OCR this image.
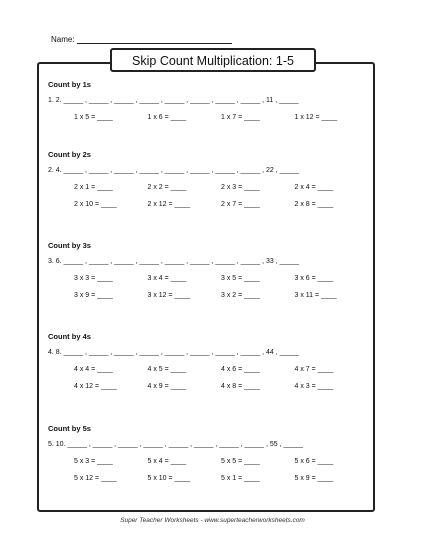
Name:
Skip Count Multiplication: 1-5
Count by 1s
1. 2. _____ , _____ , _____ , _____ , _____ , _____ , _____ , _____ , 11 , _____
1 x 5 = ____	1 x 6 = ____	1 x 7 = ____	1 x 12 = ____
Count by 2s
2. 4. _____ , _____ , _____ , _____ , _____ , _____ , _____ , _____ , 22 , _____
2 x 1 = ____	2 x 2 = ____	2 x 3 = ____	2 x 4 = ____
2 x 10 = ____	2 x 12 = ____	2 x 7 = ____	2 x 8 = ____
Count by 3s
3. 6. _____ , _____ , _____ , _____ , _____ , _____ , _____ , _____ , 33 , _____
3 x 3 = ____	3 x 4 = ____	3 x 5 = ____	3 x 6 = ____
3 x 9 = ____	3 x 12 = ____	3 x 2 = ____	3 x 11 = ____
Count by 4s
4. 8. _____ , _____ , _____ , _____ , _____ , _____ , _____ , _____ , 44 , _____
4 x 4 = ____	4 x 5 = ____	4 x 6 = ____	4 x 7 = ____
4 x 12 = ____	4 x 9 = ____	4 x 8 = ____	4 x 3 = ____
Count by 5s
5. 10. _____ , _____ , _____ , _____ , _____ , _____ , _____ , _____ , 55 , _____
5 x 3 = ____	5 x 4 = ____	5 x 5 = ____	5 x 6 = ____
5 x 12 = ____	5 x 10 = ____	5 x 1 = ____	5 x 9 = ____
Super Teacher Worksheets - www.superteacherworksheets.com
